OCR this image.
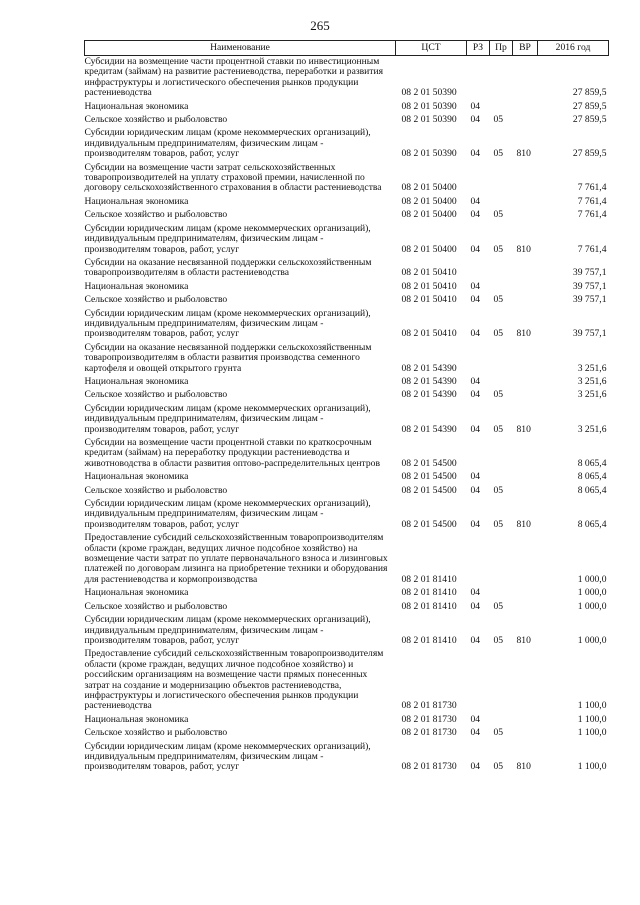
265
Наименование	ЦСТ	РЗ	Пр	ВР	2016 год
Субсидии на возмещение части процентной ставки по инвестиционным кредитам (займам) на развитие растениеводства, переработки и развития инфраструктуры и логистического обеспечения рынков продукции растениеводства	08 2 01 50390				27 859,5
Национальная экономика	08 2 01 50390	04			27 859,5
Сельское хозяйство и рыболовство	08 2 01 50390	04	05		27 859,5
Субсидии юридическим лицам (кроме некоммерческих организаций), индивидуальным предпринимателям, физическим лицам - производителям товаров, работ, услуг	08 2 01 50390	04	05	810	27 859,5
Субсидии на возмещение части затрат сельскохозяйственных товаропроизводителей на уплату страховой премии, начисленной по договору сельскохозяйственного страхования в области растениеводства	08 2 01 50400				7 761,4
Национальная экономика	08 2 01 50400	04			7 761,4
Сельское хозяйство и рыболовство	08 2 01 50400	04	05		7 761,4
Субсидии юридическим лицам (кроме некоммерческих организаций), индивидуальным предпринимателям, физическим лицам - производителям товаров, работ, услуг	08 2 01 50400	04	05	810	7 761,4
Субсидии на оказание несвязанной поддержки сельскохозяйственным товаропроизводителям в области растениеводства	08 2 01 50410				39 757,1
Национальная экономика	08 2 01 50410	04			39 757,1
Сельское хозяйство и рыболовство	08 2 01 50410	04	05		39 757,1
Субсидии юридическим лицам (кроме некоммерческих организаций), индивидуальным предпринимателям, физическим лицам - производителям товаров, работ, услуг	08 2 01 50410	04	05	810	39 757,1
Субсидии на оказание несвязанной поддержки сельскохозяйственным товаропроизводителям в области развития производства семенного картофеля и овощей открытого грунта	08 2 01 54390				3 251,6
Национальная экономика	08 2 01 54390	04			3 251,6
Сельское хозяйство и рыболовство	08 2 01 54390	04	05		3 251,6
Субсидии юридическим лицам (кроме некоммерческих организаций), индивидуальным предпринимателям, физическим лицам - производителям товаров, работ, услуг	08 2 01 54390	04	05	810	3 251,6
Субсидии на возмещение части процентной ставки по краткосрочным кредитам (займам) на переработку продукции растениеводства и животноводства в области развития оптово-распределительных центров	08 2 01 54500				8 065,4
Национальная экономика	08 2 01 54500	04			8 065,4
Сельское хозяйство и рыболовство	08 2 01 54500	04	05		8 065,4
Субсидии юридическим лицам (кроме некоммерческих организаций), индивидуальным предпринимателям, физическим лицам - производителям товаров, работ, услуг	08 2 01 54500	04	05	810	8 065,4
Предоставление субсидий сельскохозяйственным товаропроизводителям области (кроме граждан, ведущих личное подсобное хозяйство) на возмещение части затрат по уплате первоначального взноса и лизинговых платежей по договорам лизинга на приобретение техники и оборудования для растениеводства и кормопроизводства	08 2 01 81410				1 000,0
Национальная экономика	08 2 01 81410	04			1 000,0
Сельское хозяйство и рыболовство	08 2 01 81410	04	05		1 000,0
Субсидии юридическим лицам (кроме некоммерческих организаций), индивидуальным предпринимателям, физическим лицам - производителям товаров, работ, услуг	08 2 01 81410	04	05	810	1 000,0
Предоставление субсидий сельскохозяйственным товаропроизводителям области (кроме граждан, ведущих личное подсобное хозяйство) и российским организациям на возмещение части прямых понесенных затрат на создание и модернизацию объектов растениеводства, инфраструктуры и логистического обеспечения рынков продукции растениеводства	08 2 01 81730				1 100,0
Национальная экономика	08 2 01 81730	04			1 100,0
Сельское хозяйство и рыболовство	08 2 01 81730	04	05		1 100,0
Субсидии юридическим лицам (кроме некоммерческих организаций), индивидуальным предпринимателям, физическим лицам - производителям товаров, работ, услуг	08 2 01 81730	04	05	810	1 100,0
